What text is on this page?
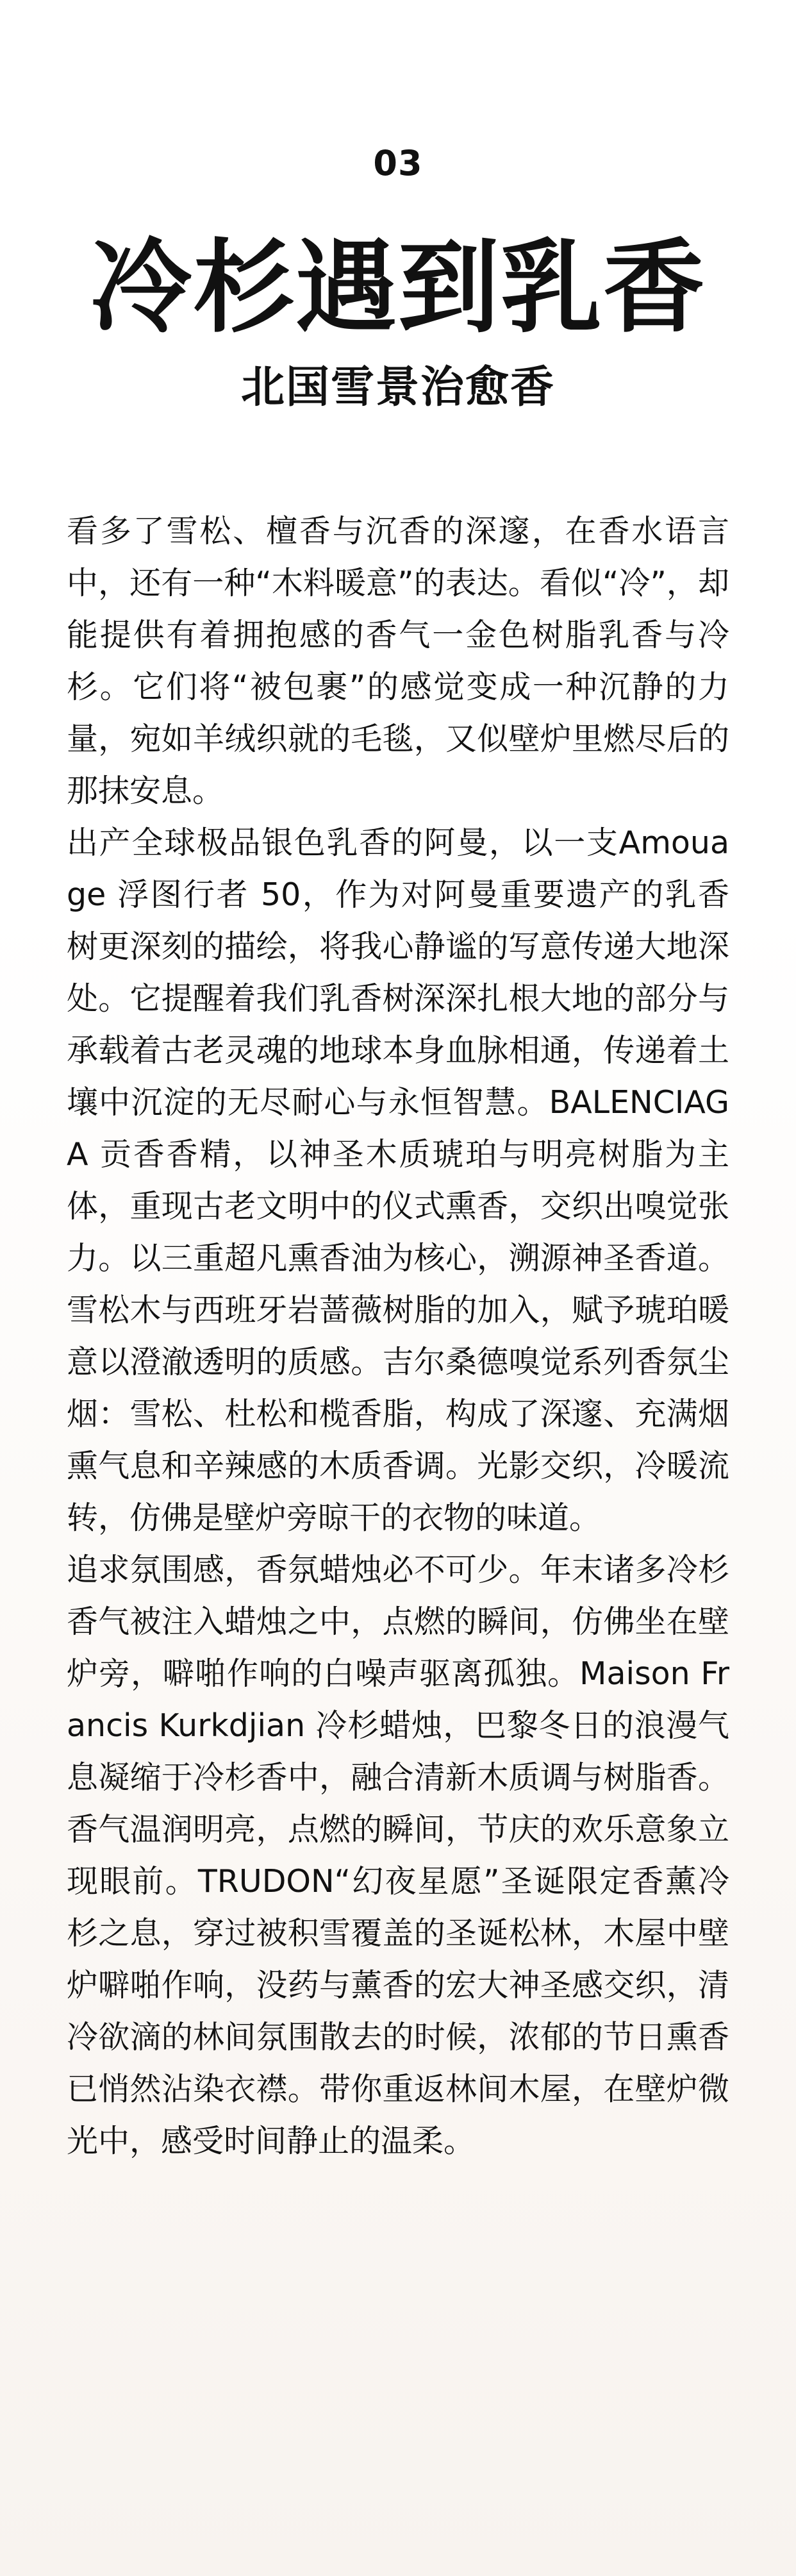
03
冷杉遇到乳香
北国雪景治愈香

看多了雪松、檀香与沉香的深邃，在香水语言中，还有一种“木料暖意”的表达。看似“冷”，却能提供有着拥抱感的香气一金色树脂乳香与冷杉。它们将“被包裹”的感觉变成一种沉静的力量，宛如羊绒织就的毛毯，又似壁炉里燃尽后的那抹安息。

出产全球极品银色乳香的阿曼，以一支Amouage 浮图行者 50，作为对阿曼重要遗产的乳香树更深刻的描绘，将我心静谧的写意传递大地深处。它提醒着我们乳香树深深扎根大地的部分与承载着古老灵魂的地球本身血脉相通，传递着土壤中沉淀的无尽耐心与永恒智慧。BALENCIAGA 贡香香精，以神圣木质琥珀与明亮树脂为主体，重现古老文明中的仪式熏香，交织出嗅觉张力。以三重超凡熏香油为核心，溯源神圣香道。雪松木与西班牙岩蔷薇树脂的加入，赋予琥珀暖意以澄澈透明的质感。吉尔桑德嗅觉系列香氛尘烟：雪松、杜松和榄香脂，构成了深邃、充满烟熏气息和辛辣感的木质香调。光影交织，冷暖流转，仿佛是壁炉旁晾干的衣物的味道。

追求氛围感，香氛蜡烛必不可少。年末诸多冷杉香气被注入蜡烛之中，点燃的瞬间，仿佛坐在壁炉旁，噼啪作响的白噪声驱离孤独。Maison Francis Kurkdjian 冷杉蜡烛，巴黎冬日的浪漫气息凝缩于冷杉香中，融合清新木质调与树脂香。香气温润明亮，点燃的瞬间，节庆的欢乐意象立现眼前。TRUDON“幻夜星愿”圣诞限定香薰冷杉之息，穿过被积雪覆盖的圣诞松林，木屋中壁炉噼啪作响，没药与薰香的宏大神圣感交织，清冷欲滴的林间氛围散去的时候，浓郁的节日熏香已悄然沾染衣襟。带你重返林间木屋，在壁炉微光中，感受时间静止的温柔。
